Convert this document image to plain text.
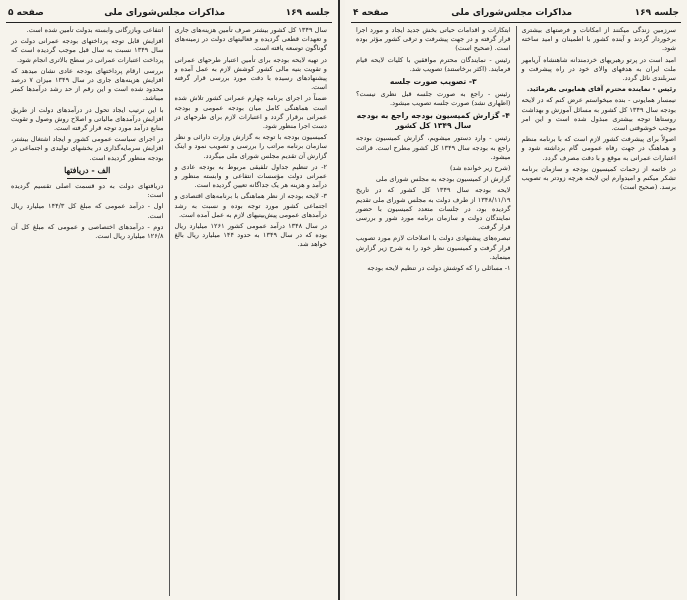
جلسه ۱۶۹
مذاکرات مجلس‌شورای ملی
صفحه ۵

سال ۱۳۴۹ کل کشور بیشتر صرف تأمین هزینه‌های جاری و تعهدات قطعی گردیده و فعالیتهای دولت در زمینه‌های گوناگون توسعه یافته است.

در تهیه لایحه بودجه برای تأمین اعتبار طرحهای عمرانی و تقویت بنیه مالی کشور کوشش لازم به عمل آمده و پیشنهادهای رسیده با دقت مورد بررسی قرار گرفته است.

ضمناً در اجرای برنامه چهارم عمرانی کشور تلاش شده است هماهنگی کامل میان بودجه عمومی و بودجه عمرانی برقرار گردد و اعتبارات لازم برای طرحهای در دست اجرا منظور شود.

کمیسیون بودجه با توجه به گزارش وزارت دارائی و نظر سازمان برنامه مراتب را بررسی و تصویب نمود و اینک گزارش آن تقدیم مجلس شورای ملی میگردد.

۲- در تنظیم جداول تلفیقی مربوط به بودجه عادی و عمرانی دولت مؤسسات انتفاعی و وابسته منظور و درآمد و هزینه هر یک جداگانه تعیین گردیده است.

۳- لایحه بودجه از نظر هماهنگی با برنامه‌های اقتصادی و اجتماعی کشور مورد توجه بوده و نسبت به رشد درآمدهای عمومی پیش‌بینیهای لازم به عمل آمده است.

در سال ۱۳۴۸ درآمد عمومی کشور ۱۲۶۱ میلیارد ریال بوده که در سال ۱۳۴۹ به حدود ۱۴۴ میلیارد ریال بالغ خواهد شد.

انتفاعی وبازرگانی وابسته بدولت تأمین شده است.

افزایش قابل توجه پرداختهای بودجه عمرانی دولت در سال ۱۳۴۹ نسبت به سال قبل موجب گردیده است که پرداخت اعتبارات عمرانی در سطح بالاتری انجام شود.

بررسی ارقام پرداختهای بودجه عادی نشان میدهد که افزایش هزینه‌های جاری در سال ۱۳۴۹ میزان ۷ درصد محدود شده است و این رقم از حد رشد درآمدها کمتر میباشد.

با این ترتیب ایجاد تحول در درآمدهای دولت از طریق افزایش درآمدهای مالیاتی و اصلاح روش وصول و تقویت منابع درآمد مورد توجه قرار گرفته است.

در اجرای سیاست عمومی کشور و ایجاد اشتغال بیشتر، افزایش سرمایه‌گذاری در بخشهای تولیدی و اجتماعی در بودجه منظور گردیده است.

الف - دریافتها

دریافتهای دولت به دو قسمت اصلی تقسیم گردیده است:

اول - درآمد عمومی که مبلغ کل ۱۴۴/۳ میلیارد ریال است.

دوم - درآمدهای اختصاصی و عمومی که مبلغ کل آن ۱۲۶/۸ میلیارد ریال است.

جلسه ۱۶۹
مذاکرات مجلس‌شورای ملی
صفحه ۴

سرزمین زندگی میکنند از امکانات و فرصتهای بیشتری برخوردار گردند و آینده کشور با اطمینان و امید ساخته شود.

امید است در پرتو رهبریهای خردمندانه شاهنشاه آریامهر ملت ایران به هدفهای والای خود در راه پیشرفت و سربلندی نائل گردد.

رئیس - نماینده محترم آقای همایونی بفرمائید.

نیمسار همایونی - بنده میخواستم عرض کنم که در لایحه بودجه سال ۱۳۴۹ کل کشور به مسائل آموزش و بهداشت روستاها توجه بیشتری مبذول شده است و این امر موجب خوشوقتی است.

اصولاً برای پیشرفت کشور لازم است که با برنامه منظم و هماهنگ در جهت رفاه عمومی گام برداشته شود و اعتبارات عمرانی به موقع و با دقت مصرف گردد.

در خاتمه از زحمات کمیسیون بودجه و سازمان برنامه تشکر میکنم و امیدوارم این لایحه هرچه زودتر به تصویب برسد. (صحیح است)

ابتکارات و اقدامات حیاتی بخش جدید ایجاد و مورد اجرا قرار گرفته و در جهت پیشرفت و ترقی کشور مؤثر بوده است. (صحیح است)

رئیس - نمایندگان محترم موافقین با کلیات لایحه قیام فرمایند. (اکثر برخاستند) تصویب شد.

۳- تصویب صورت جلسه

رئیس - راجع به صورت جلسه قبل نظری نیست؟ (اظهاری نشد) صورت جلسه تصویب میشود.

۴- گزارش کمیسیون بودجه راجع به بودجه سال ۱۳۴۹ کل کشور

رئیس - وارد دستور میشویم، گزارش کمیسیون بودجه راجع به بودجه سال ۱۳۴۹ کل کشور مطرح است. قرائت میشود.

(شرح زیر خوانده شد)

گزارش از کمیسیون بودجه به مجلس شورای ملی

لایحه بودجه سال ۱۳۴۹ کل کشور که در تاریخ ۱۳۴۸/۱۱/۱۹ از طرف دولت به مجلس شورای ملی تقدیم گردیده بود، در جلسات متعدد کمیسیون با حضور نمایندگان دولت و سازمان برنامه مورد شور و بررسی قرار گرفت.

تبصره‌های پیشنهادی دولت با اصلاحات لازم مورد تصویب قرار گرفت و کمیسیون نظر خود را به شرح زیر گزارش مینماید.

۱- مسائلی را که کوشش دولت در تنظیم لایحه بودجه
